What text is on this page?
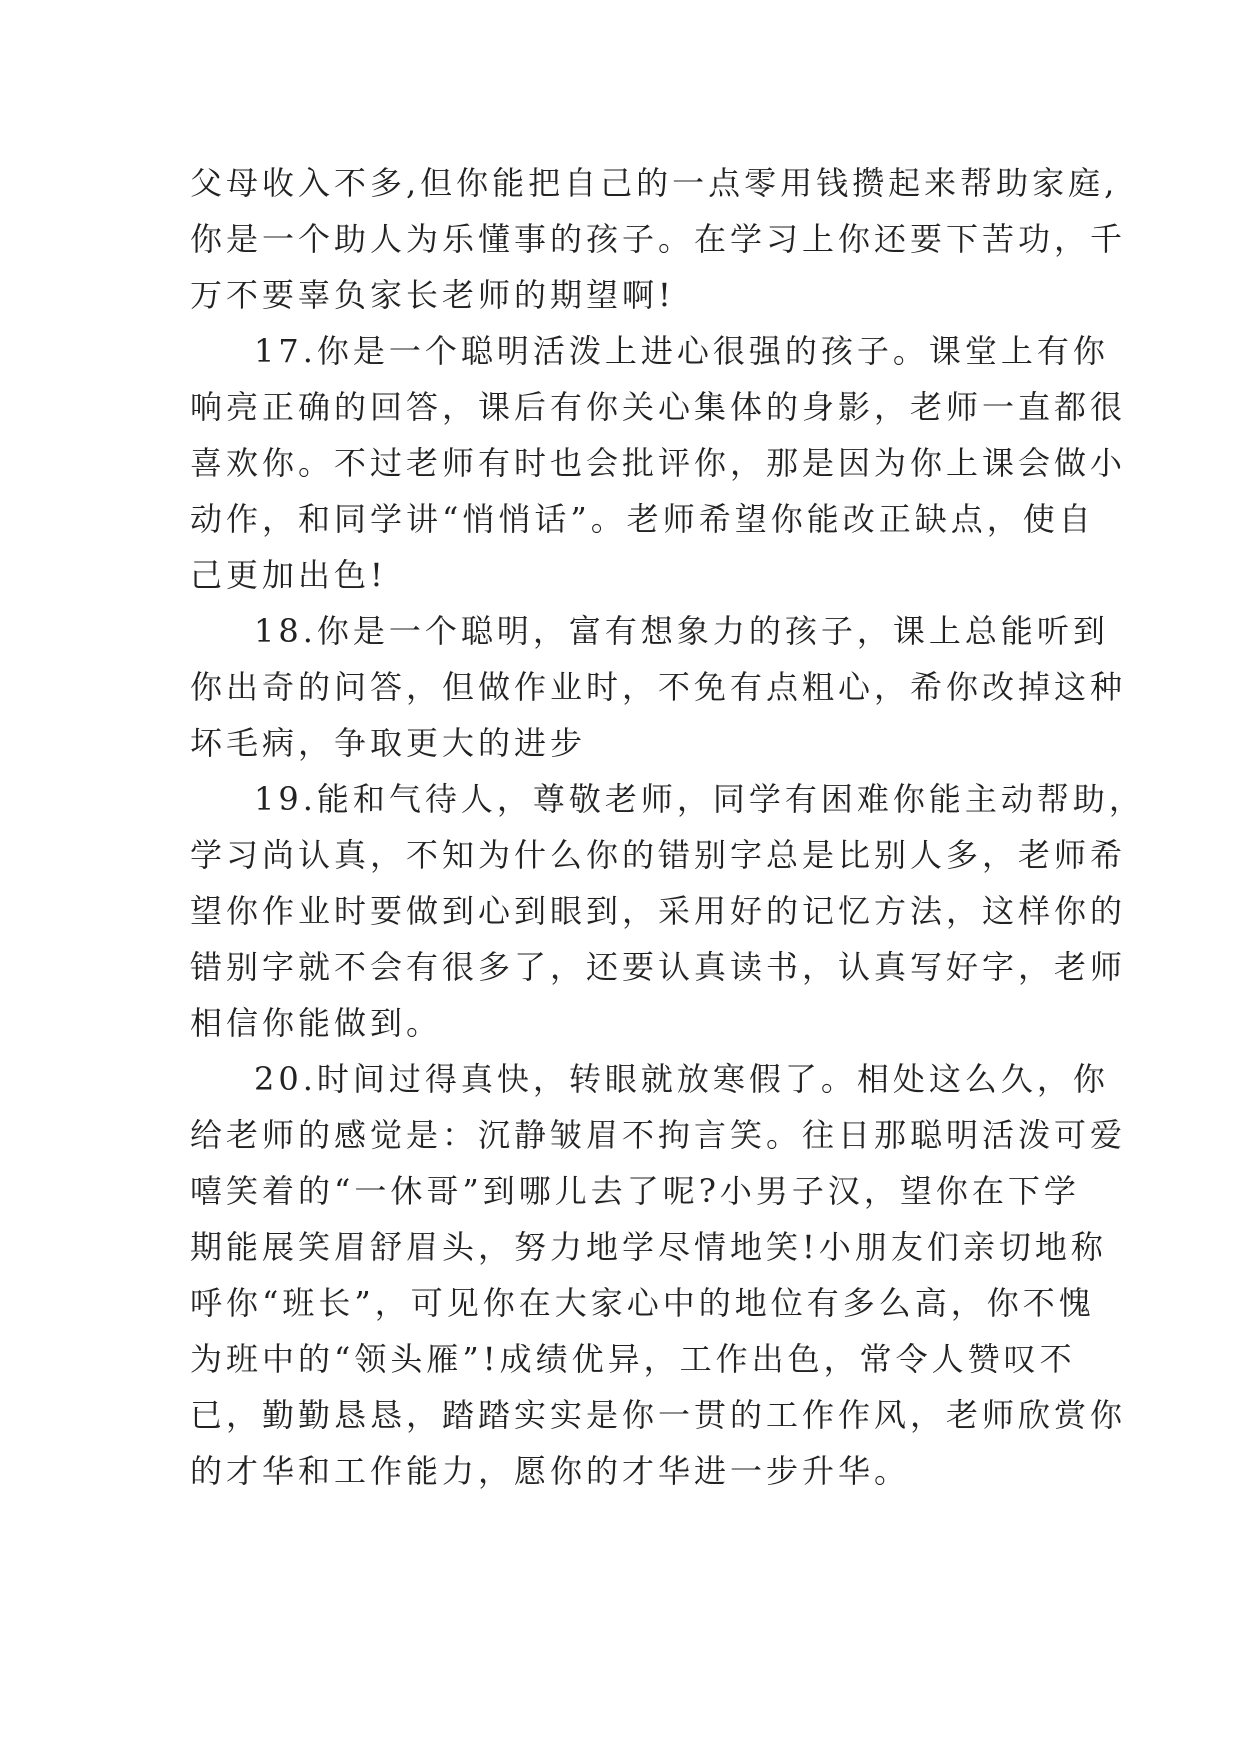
父母收入不多,但你能把自己的一点零用钱攒起来帮助家庭,
你是一个助人为乐懂事的孩子。在学习上你还要下苦功，千
万不要辜负家长老师的期望啊!
17.你是一个聪明活泼上进心很强的孩子。课堂上有你
响亮正确的回答，课后有你关心集体的身影，老师一直都很
喜欢你。不过老师有时也会批评你，那是因为你上课会做小
动作，和同学讲“悄悄话”。老师希望你能改正缺点，使自
己更加出色!
18.你是一个聪明，富有想象力的孩子，课上总能听到
你出奇的问答，但做作业时，不免有点粗心，希你改掉这种
坏毛病，争取更大的进步
19.能和气待人，尊敬老师，同学有困难你能主动帮助，
学习尚认真，不知为什么你的错别字总是比别人多，老师希
望你作业时要做到心到眼到，采用好的记忆方法，这样你的
错别字就不会有很多了，还要认真读书，认真写好字，老师
相信你能做到。
20.时间过得真快，转眼就放寒假了。相处这么久，你
给老师的感觉是：沉静皱眉不拘言笑。往日那聪明活泼可爱
嘻笑着的“一休哥”到哪儿去了呢?小男子汉，望你在下学
期能展笑眉舒眉头，努力地学尽情地笑!小朋友们亲切地称
呼你“班长”，可见你在大家心中的地位有多么高，你不愧
为班中的“领头雁”!成绩优异，工作出色，常令人赞叹不
已，勤勤恳恳，踏踏实实是你一贯的工作作风，老师欣赏你
的才华和工作能力，愿你的才华进一步升华。
